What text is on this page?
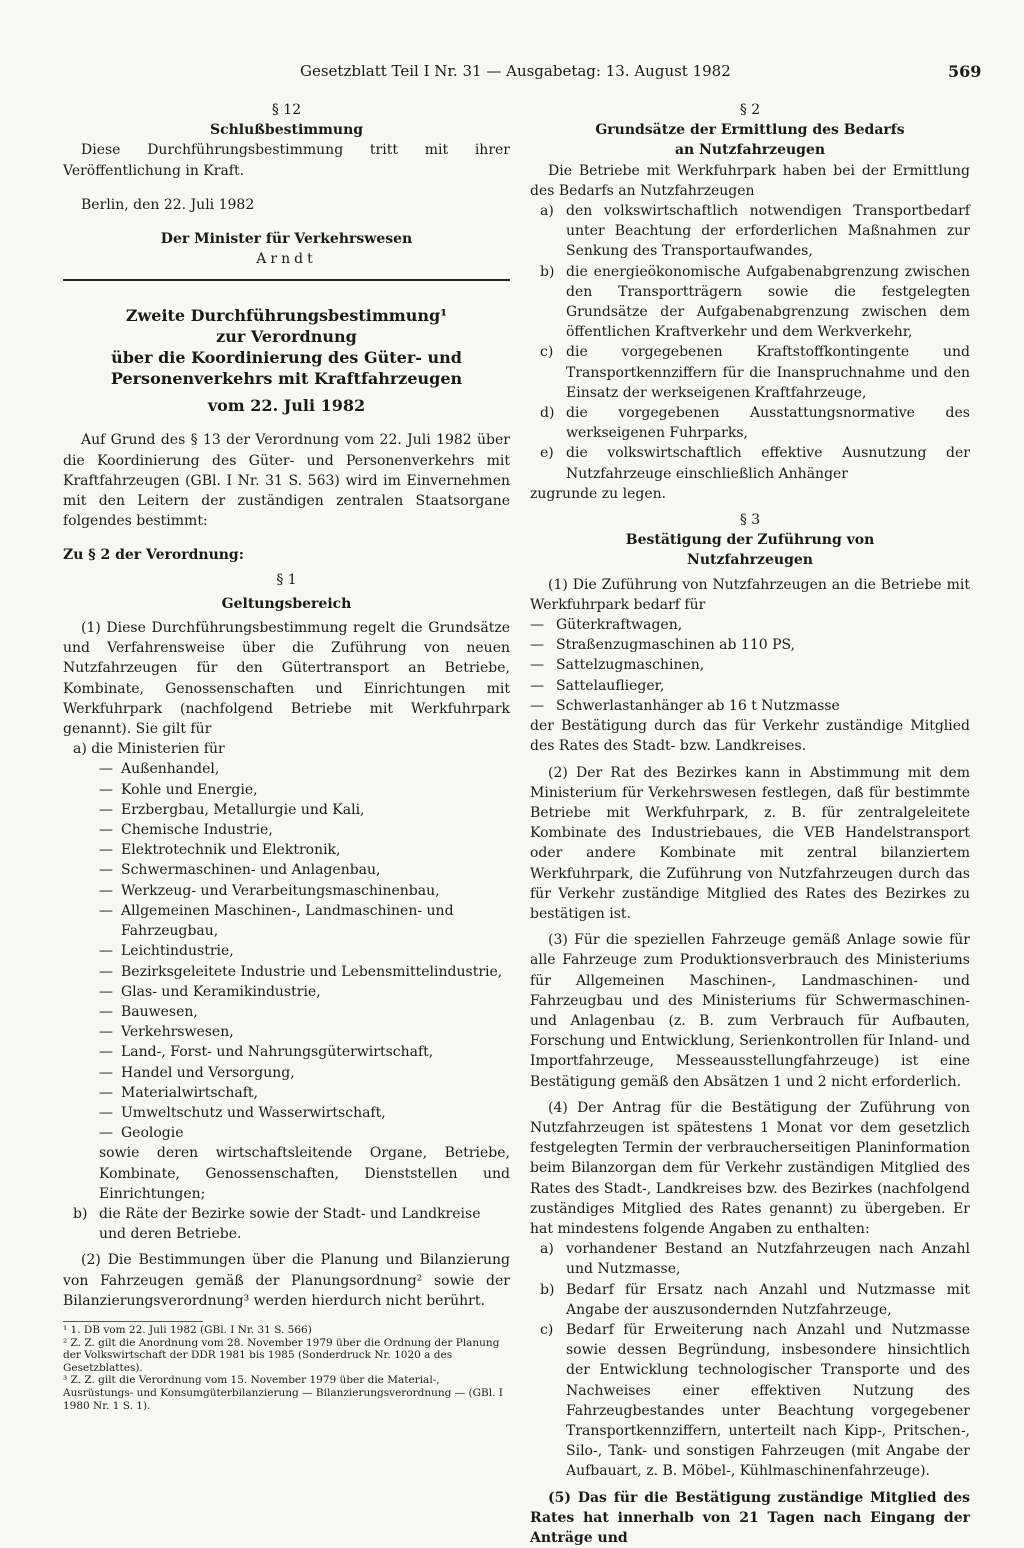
Gesetzblatt Teil I Nr. 31 — Ausgabetag: 13. August 1982	569

§ 12

Schlußbestimmung

Diese Durchführungsbestimmung tritt mit ihrer Veröffentlichung in Kraft.

Berlin, den 22. Juli 1982

Der Minister für Verkehrswesen

Arndt

Zweite Durchführungsbestimmung¹

zur Verordnung

über die Koordinierung des Güter- und

Personenverkehrs mit Kraftfahrzeugen

vom 22. Juli 1982

Auf Grund des § 13 der Verordnung vom 22. Juli 1982 über die Koordinierung des Güter- und Personenverkehrs mit Kraftfahrzeugen (GBl. I Nr. 31 S. 563) wird im Einvernehmen mit den Leitern der zuständigen zentralen Staatsorgane folgendes bestimmt:

Zu § 2 der Verordnung:

§ 1

Geltungsbereich

(1) Diese Durchführungsbestimmung regelt die Grundsätze und Verfahrensweise über die Zuführung von neuen Nutzfahrzeugen für den Gütertransport an Betriebe, Kombinate, Genossenschaften und Einrichtungen mit Werkfuhrpark (nachfolgend Betriebe mit Werkfuhrpark genannt). Sie gilt für

a) die Ministerien für

— Außenhandel,
— Kohle und Energie,
— Erzbergbau, Metallurgie und Kali,
— Chemische Industrie,
— Elektrotechnik und Elektronik,
— Schwermaschinen- und Anlagenbau,
— Werkzeug- und Verarbeitungsmaschinenbau,
— Allgemeinen Maschinen-, Landmaschinen- und Fahrzeugbau,
— Leichtindustrie,
— Bezirksgeleitete Industrie und Lebensmittelindustrie,
— Glas- und Keramikindustrie,
— Bauwesen,
— Verkehrswesen,
— Land-, Forst- und Nahrungsgüterwirtschaft,
— Handel und Versorgung,
— Materialwirtschaft,
— Umweltschutz und Wasserwirtschaft,
— Geologie

sowie deren wirtschaftsleitende Organe, Betriebe, Kombinate, Genossenschaften, Dienststellen und Einrichtungen;

b) die Räte der Bezirke sowie der Stadt- und Landkreise und deren Betriebe.

(2) Die Bestimmungen über die Planung und Bilanzierung von Fahrzeugen gemäß der Planungsordnung² sowie der Bilanzierungsverordnung³ werden hierdurch nicht berührt.

¹ 1. DB vom 22. Juli 1982 (GBl. I Nr. 31 S. 566)

² Z. Z. gilt die Anordnung vom 28. November 1979 über die Ordnung der Planung der Volkswirtschaft der DDR 1981 bis 1985 (Sonderdruck Nr. 1020 a des Gesetzblattes).

³ Z. Z. gilt die Verordnung vom 15. November 1979 über die Material-, Ausrüstungs- und Konsumgüterbilanzierung — Bilanzierungsverordnung — (GBl. I 1980 Nr. 1 S. 1).

§ 2

Grundsätze der Ermittlung des Bedarfs an Nutzfahrzeugen

Die Betriebe mit Werkfuhrpark haben bei der Ermittlung des Bedarfs an Nutzfahrzeugen

a) den volkswirtschaftlich notwendigen Transportbedarf unter Beachtung der erforderlichen Maßnahmen zur Senkung des Transportaufwandes,
b) die energieökonomische Aufgabenabgrenzung zwischen den Transportträgern sowie die festgelegten Grundsätze der Aufgabenabgrenzung zwischen dem öffentlichen Kraftverkehr und dem Werkverkehr,
c) die vorgegebenen Kraftstoffkontingente und Transportkennziffern für die Inanspruchnahme und den Einsatz der werkseigenen Kraftfahrzeuge,
d) die vorgegebenen Ausstattungsnormative des werkseigenen Fuhrparks,
e) die volkswirtschaftlich effektive Ausnutzung der Nutzfahrzeuge einschließlich Anhänger

zugrunde zu legen.

§ 3

Bestätigung der Zuführung von Nutzfahrzeugen

(1) Die Zuführung von Nutzfahrzeugen an die Betriebe mit Werkfuhrpark bedarf für

— Güterkraftwagen,
— Straßenzugmaschinen ab 110 PS,
— Sattelzugmaschinen,
— Sattelauflieger,
— Schwerlastanhänger ab 16 t Nutzmasse

der Bestätigung durch das für Verkehr zuständige Mitglied des Rates des Stadt- bzw. Landkreises.

(2) Der Rat des Bezirkes kann in Abstimmung mit dem Ministerium für Verkehrswesen festlegen, daß für bestimmte Betriebe mit Werkfuhrpark, z. B. für zentralgeleitete Kombinate des Industriebaues, die VEB Handelstransport oder andere Kombinate mit zentral bilanziertem Werkfuhrpark, die Zuführung von Nutzfahrzeugen durch das für Verkehr zuständige Mitglied des Rates des Bezirkes zu bestätigen ist.

(3) Für die speziellen Fahrzeuge gemäß Anlage sowie für alle Fahrzeuge zum Produktionsverbrauch des Ministeriums für Allgemeinen Maschinen-, Landmaschinen- und Fahrzeugbau und des Ministeriums für Schwermaschinen- und Anlagenbau (z. B. zum Verbrauch für Aufbauten, Forschung und Entwicklung, Serienkontrollen für Inland- und Importfahrzeuge, Messeausstellungfahrzeuge) ist eine Bestätigung gemäß den Absätzen 1 und 2 nicht erforderlich.

(4) Der Antrag für die Bestätigung der Zuführung von Nutzfahrzeugen ist spätestens 1 Monat vor dem gesetzlich festgelegten Termin der verbraucherseitigen Planinformation beim Bilanzorgan dem für Verkehr zuständigen Mitglied des Rates des Stadt-, Landkreises bzw. des Bezirkes (nachfolgend zuständiges Mitglied des Rates genannt) zu übergeben. Er hat mindestens folgende Angaben zu enthalten:

a) vorhandener Bestand an Nutzfahrzeugen nach Anzahl und Nutzmasse,
b) Bedarf für Ersatz nach Anzahl und Nutzmasse mit Angabe der auszusondernden Nutzfahrzeuge,
c) Bedarf für Erweiterung nach Anzahl und Nutzmasse sowie dessen Begründung, insbesondere hinsichtlich der Entwicklung technologischer Transporte und des Nachweises einer effektiven Nutzung des Fahrzeugbestandes unter Beachtung vorgegebener Transportkennziffern, unterteilt nach Kipp-, Pritschen-, Silo-, Tank- und sonstigen Fahrzeugen (mit Angabe der Aufbauart, z. B. Möbel-, Kühlmaschinenfahrzeuge).

(5) Das für die Bestätigung zuständige Mitglied des Rates hat innerhalb von 21 Tagen nach Eingang der Anträge und
